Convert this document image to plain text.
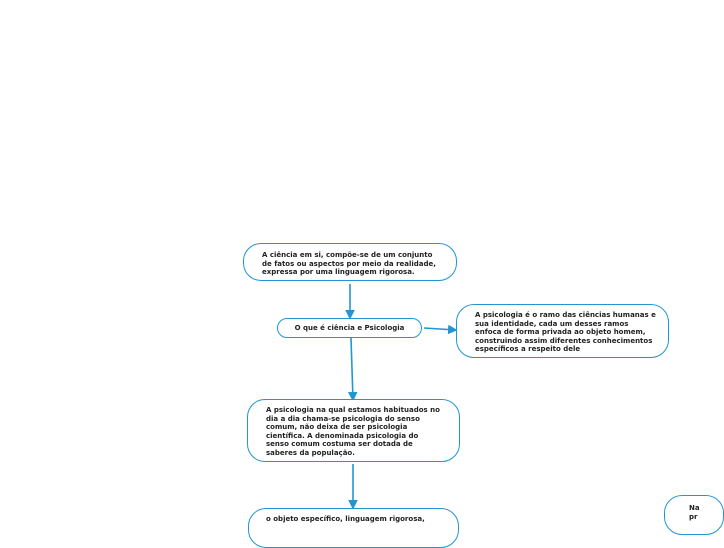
A ciência em si, compõe-se de um conjunto de fatos ou aspectos por meio da realidade, expressa por uma linguagem rigorosa.
O que é ciência e Psicologia
A psicologia é o ramo das ciências humanas e sua identidade, cada um desses ramos enfoca de forma privada ao objeto homem, construindo assim diferentes conhecimentos específicos a respeito dele
A psicologia na qual estamos habituados no dia a dia chama-se psicologia do senso comum, não deixa de ser psicologia científica. A denominada psicologia do senso comum costuma ser dotada de saberes da população.
o objeto específico, linguagem rigorosa,
Na
pr
